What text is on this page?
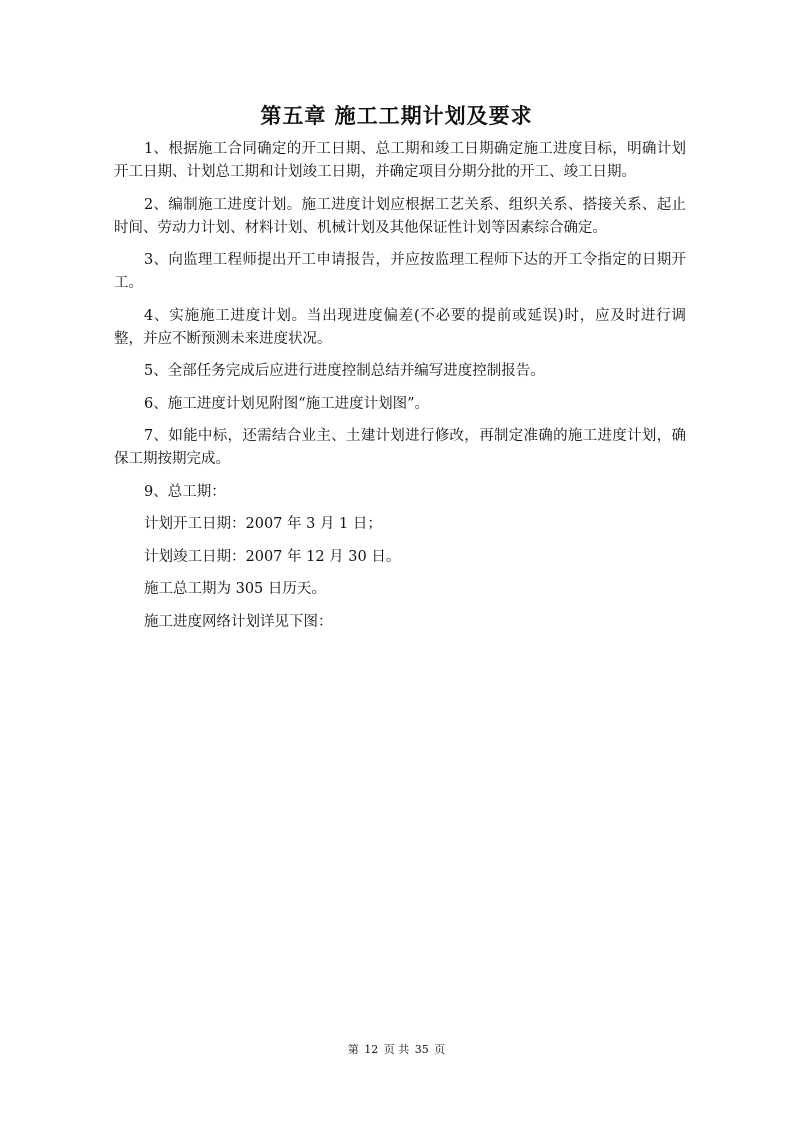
第五章 施工工期计划及要求

1、根据施工合同确定的开工日期、总工期和竣工日期确定施工进度目标，明确计划开工日期、计划总工期和计划竣工日期，并确定项目分期分批的开工、竣工日期。

2、编制施工进度计划。施工进度计划应根据工艺关系、组织关系、搭接关系、起止时间、劳动力计划、材料计划、机械计划及其他保证性计划等因素综合确定。

3、向监理工程师提出开工申请报告，并应按监理工程师下达的开工令指定的日期开工。

4、实施施工进度计划。当出现进度偏差(不必要的提前或延误)时，应及时进行调整，并应不断预测未来进度状况。

5、全部任务完成后应进行进度控制总结并编写进度控制报告。

6、施工进度计划见附图“施工进度计划图”。

7、如能中标，还需结合业主、土建计划进行修改，再制定准确的施工进度计划，确保工期按期完成。

9、总工期：

计划开工日期：2007 年 3 月 1 日；

计划竣工日期：2007 年 12 月 30 日。

施工总工期为 305 日历天。

施工进度网络计划详见下图：

第 12 页 共 35 页
